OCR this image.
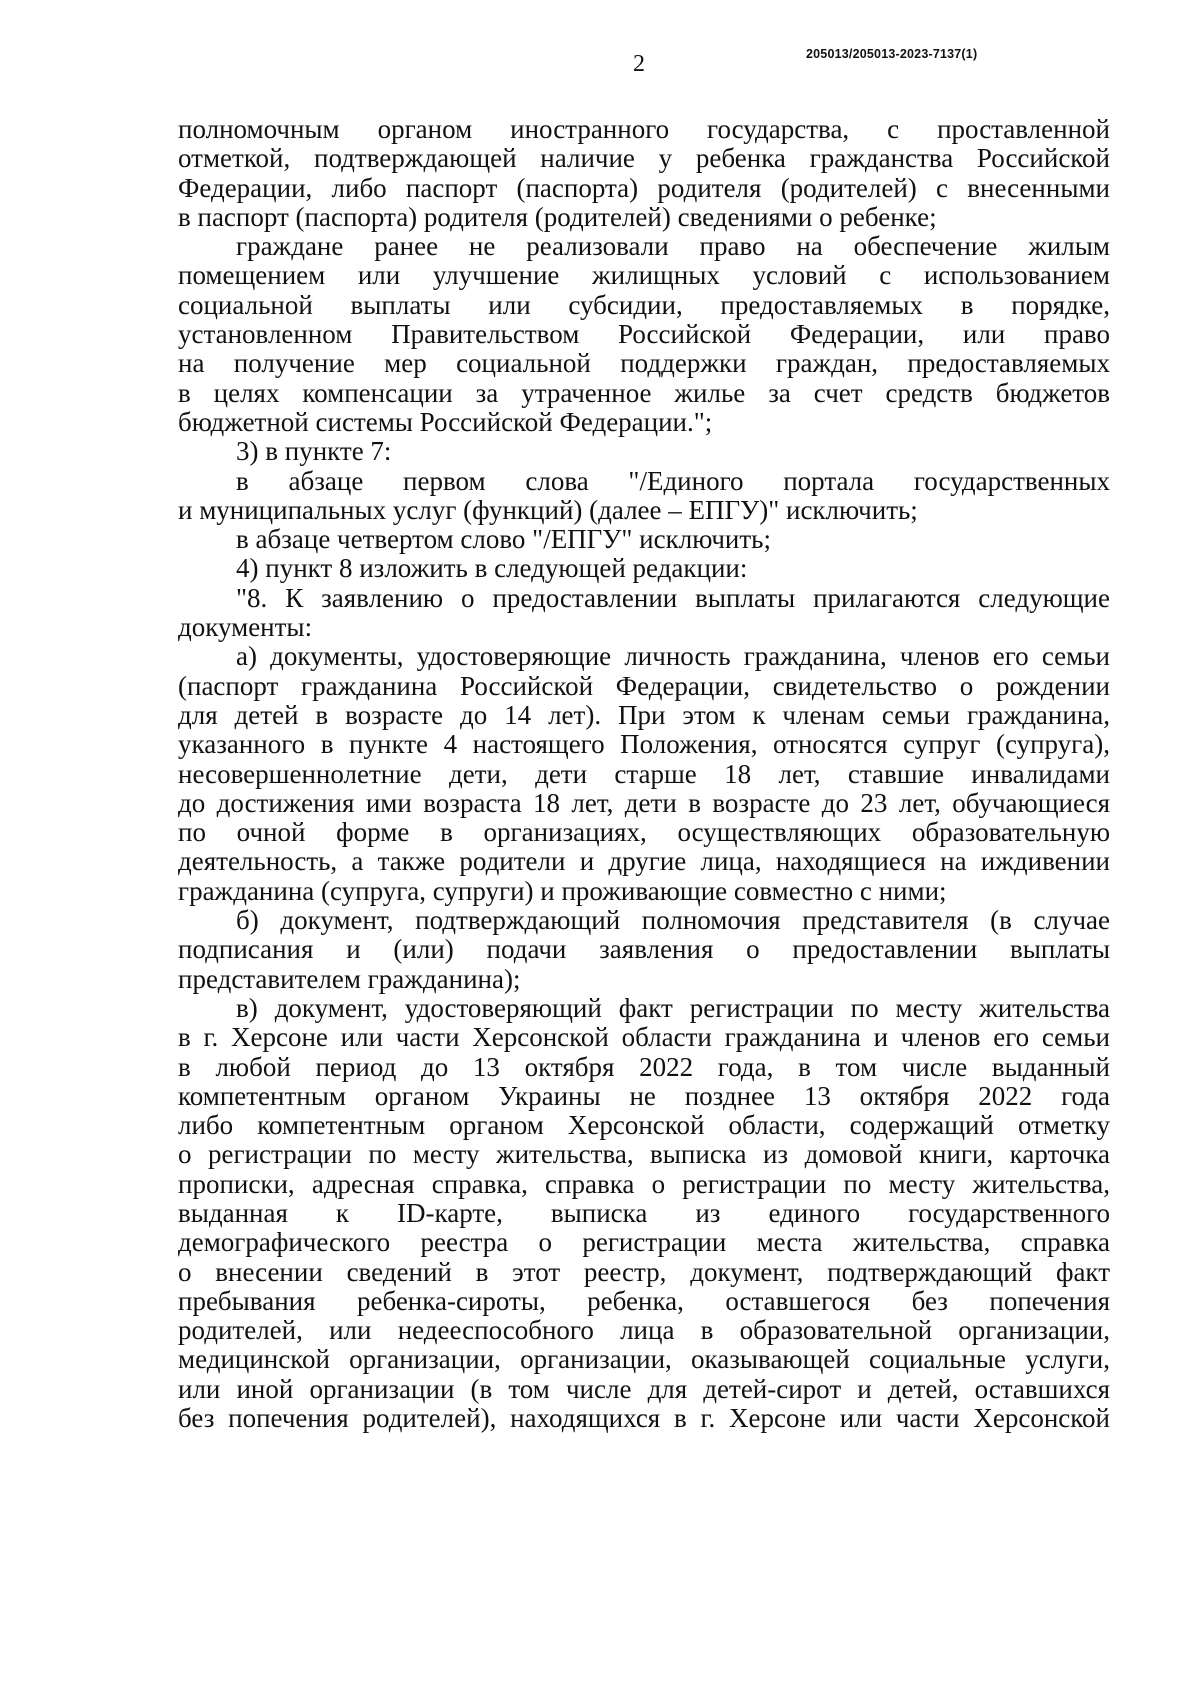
2	205013/205013-2023-7137(1)
полномочным органом иностранного государства, с проставленной
отметкой, подтверждающей наличие у ребенка гражданства Российской
Федерации, либо паспорт (паспорта) родителя (родителей) с внесенными
в паспорт (паспорта) родителя (родителей) сведениями о ребенке;
граждане ранее не реализовали право на обеспечение жилым
помещением или улучшение жилищных условий с использованием
социальной выплаты или субсидии, предоставляемых в порядке,
установленном Правительством Российской Федерации, или право
на получение мер социальной поддержки граждан, предоставляемых
в целях компенсации за утраченное жилье за счет средств бюджетов
бюджетной системы Российской Федерации.";
3) в пункте 7:
в абзаце первом слова "/Единого портала государственных
и муниципальных услуг (функций) (далее – ЕПГУ)" исключить;
в абзаце четвертом слово "/ЕПГУ" исключить;
4) пункт 8 изложить в следующей редакции:
"8. К заявлению о предоставлении выплаты прилагаются следующие
документы:
а) документы, удостоверяющие личность гражданина, членов его семьи
(паспорт гражданина Российской Федерации, свидетельство о рождении
для детей в возрасте до 14 лет). При этом к членам семьи гражданина,
указанного в пункте 4 настоящего Положения, относятся супруг (супруга),
несовершеннолетние дети, дети старше 18 лет, ставшие инвалидами
до достижения ими возраста 18 лет, дети в возрасте до 23 лет, обучающиеся
по очной форме в организациях, осуществляющих образовательную
деятельность, а также родители и другие лица, находящиеся на иждивении
гражданина (супруга, супруги) и проживающие совместно с ними;
б) документ, подтверждающий полномочия представителя (в случае
подписания и (или) подачи заявления о предоставлении выплаты
представителем гражданина);
в) документ, удостоверяющий факт регистрации по месту жительства
в г. Херсоне или части Херсонской области гражданина и членов его семьи
в любой период до 13 октября 2022 года, в том числе выданный
компетентным органом Украины не позднее 13 октября 2022 года
либо компетентным органом Херсонской области, содержащий отметку
о регистрации по месту жительства, выписка из домовой книги, карточка
прописки, адресная справка, справка о регистрации по месту жительства,
выданная к ID-карте, выписка из единого государственного
демографического реестра о регистрации места жительства, справка
о внесении сведений в этот реестр, документ, подтверждающий факт
пребывания ребенка-сироты, ребенка, оставшегося без попечения
родителей, или недееспособного лица в образовательной организации,
медицинской организации, организации, оказывающей социальные услуги,
или иной организации (в том числе для детей-сирот и детей, оставшихся
без попечения родителей), находящихся в г. Херсоне или части Херсонской
